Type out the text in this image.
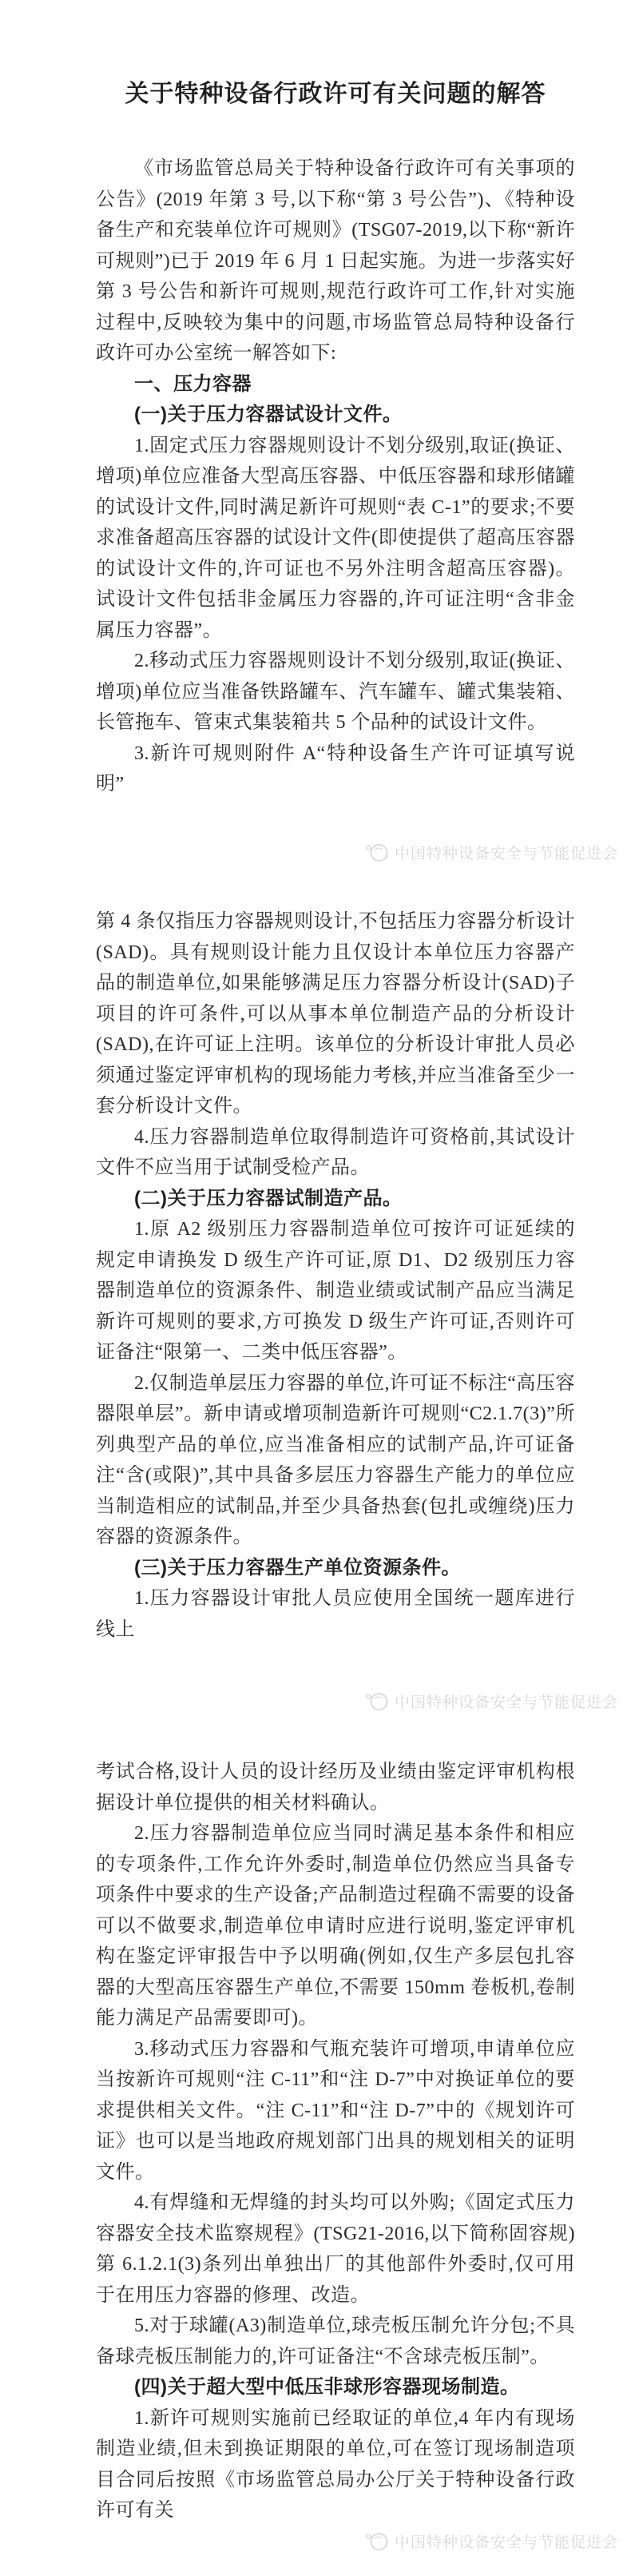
关于特种设备行政许可有关问题的解答
《市场监管总局关于特种设备行政许可有关事项的公告》(2019 年第 3 号,以下称“第 3 号公告”)、《特种设备生产和充装单位许可规则》(TSG07-2019,以下称“新许可规则”)已于 2019 年 6 月 1 日起实施。为进一步落实好第 3 号公告和新许可规则,规范行政许可工作,针对实施过程中,反映较为集中的问题,市场监管总局特种设备行政许可办公室统一解答如下:
一、压力容器
(一)关于压力容器试设计文件。
1.固定式压力容器规则设计不划分级别,取证(换证、增项)单位应准备大型高压容器、中低压容器和球形储罐的试设计文件,同时满足新许可规则“表 C-1”的要求;不要求准备超高压容器的试设计文件(即使提供了超高压容器的试设计文件的,许可证也不另外注明含超高压容器)。试设计文件包括非金属压力容器的,许可证注明“含非金属压力容器”。
2.移动式压力容器规则设计不划分级别,取证(换证、增项)单位应当准备铁路罐车、汽车罐车、罐式集装箱、长管拖车、管束式集装箱共 5 个品种的试设计文件。
3.新许可规则附件 A“特种设备生产许可证填写说明”
中国特种设备安全与节能促进会
第 4 条仅指压力容器规则设计,不包括压力容器分析设计(SAD)。具有规则设计能力且仅设计本单位压力容器产品的制造单位,如果能够满足压力容器分析设计(SAD)子项目的许可条件,可以从事本单位制造产品的分析设计(SAD),在许可证上注明。该单位的分析设计审批人员必须通过鉴定评审机构的现场能力考核,并应当准备至少一套分析设计文件。
4.压力容器制造单位取得制造许可资格前,其试设计文件不应当用于试制受检产品。
(二)关于压力容器试制造产品。
1.原 A2 级别压力容器制造单位可按许可证延续的规定申请换发 D 级生产许可证,原 D1、D2 级别压力容器制造单位的资源条件、制造业绩或试制产品应当满足新许可规则的要求,方可换发 D 级生产许可证,否则许可证备注“限第一、二类中低压容器”。
2.仅制造单层压力容器的单位,许可证不标注“高压容器限单层”。新申请或增项制造新许可规则“C2.1.7(3)”所列典型产品的单位,应当准备相应的试制产品,许可证备注“含(或限)”,其中具备多层压力容器生产能力的单位应当制造相应的试制品,并至少具备热套(包扎或缠绕)压力容器的资源条件。
(三)关于压力容器生产单位资源条件。
1.压力容器设计审批人员应使用全国统一题库进行线上
中国特种设备安全与节能促进会
考试合格,设计人员的设计经历及业绩由鉴定评审机构根据设计单位提供的相关材料确认。
2.压力容器制造单位应当同时满足基本条件和相应的专项条件,工作允许外委时,制造单位仍然应当具备专项条件中要求的生产设备;产品制造过程确不需要的设备可以不做要求,制造单位申请时应进行说明,鉴定评审机构在鉴定评审报告中予以明确(例如,仅生产多层包扎容器的大型高压容器生产单位,不需要 150mm 卷板机,卷制能力满足产品需要即可)。
3.移动式压力容器和气瓶充装许可增项,申请单位应当按新许可规则“注 C-11”和“注 D-7”中对换证单位的要求提供相关文件。“注 C-11”和“注 D-7”中的《规划许可证》也可以是当地政府规划部门出具的规划相关的证明文件。
4.有焊缝和无焊缝的封头均可以外购;《固定式压力容器安全技术监察规程》(TSG21-2016,以下简称固容规)第 6.1.2.1(3)条列出单独出厂的其他部件外委时,仅可用于在用压力容器的修理、改造。
5.对于球罐(A3)制造单位,球壳板压制允许分包;不具备球壳板压制能力的,许可证备注“不含球壳板压制”。
(四)关于超大型中低压非球形容器现场制造。
1.新许可规则实施前已经取证的单位,4 年内有现场制造业绩,但未到换证期限的单位,可在签订现场制造项目合同后按照《市场监管总局办公厅关于特种设备行政许可有关
中国特种设备安全与节能促进会
